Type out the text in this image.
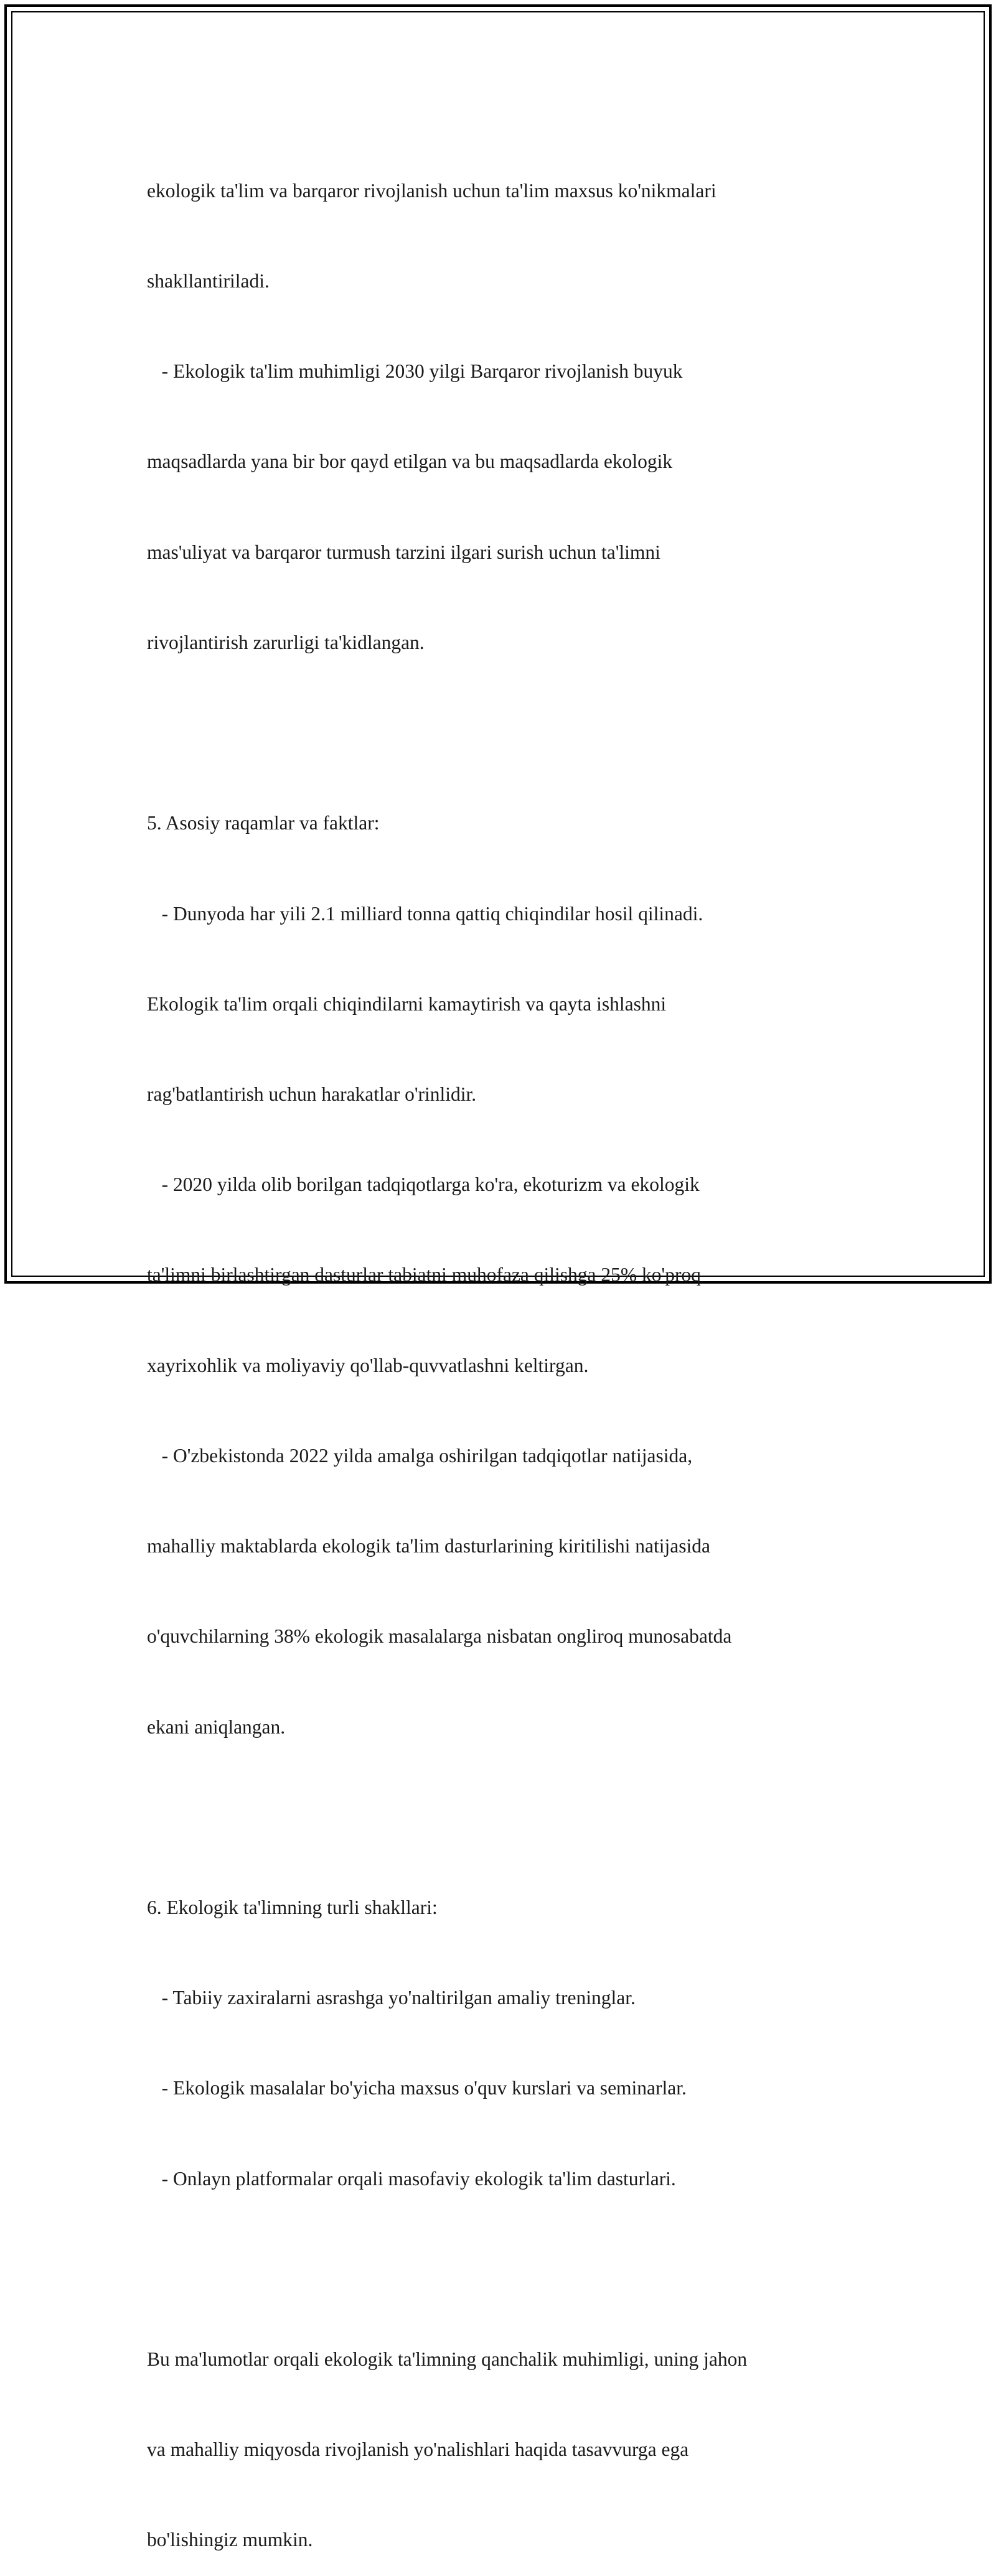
ekologik ta'lim va barqaror rivojlanish uchun ta'lim maxsus ko'nikmalari

shakllantiriladi.

- Ekologik ta'lim muhimligi 2030 yilgi Barqaror rivojlanish buyuk

maqsadlarda yana bir bor qayd etilgan va bu maqsadlarda ekologik

mas'uliyat va barqaror turmush tarzini ilgari surish uchun ta'limni

rivojlantirish zarurligi ta'kidlangan.

5. Asosiy raqamlar va faktlar:

- Dunyoda har yili 2.1 milliard tonna qattiq chiqindilar hosil qilinadi.

Ekologik ta'lim orqali chiqindilarni kamaytirish va qayta ishlashni

rag'batlantirish uchun harakatlar o'rinlidir.

- 2020 yilda olib borilgan tadqiqotlarga ko'ra, ekoturizm va ekologik

ta'limni birlashtirgan dasturlar tabiatni muhofaza qilishga 25% ko'proq

xayrixohlik va moliyaviy qo'llab-quvvatlashni keltirgan.

- O'zbekistonda 2022 yilda amalga oshirilgan tadqiqotlar natijasida,

mahalliy maktablarda ekologik ta'lim dasturlarining kiritilishi natijasida

o'quvchilarning 38% ekologik masalalarga nisbatan ongliroq munosabatda

ekani aniqlangan.

6. Ekologik ta'limning turli shakllari:

- Tabiiy zaxiralarni asrashga yo'naltirilgan amaliy treninglar.

- Ekologik masalalar bo'yicha maxsus o'quv kurslari va seminarlar.

- Onlayn platformalar orqali masofaviy ekologik ta'lim dasturlari.

Bu ma'lumotlar orqali ekologik ta'limning qanchalik muhimligi, uning jahon

va mahalliy miqyosda rivojlanish yo'nalishlari haqida tasavvurga ega

bo'lishingiz mumkin.
